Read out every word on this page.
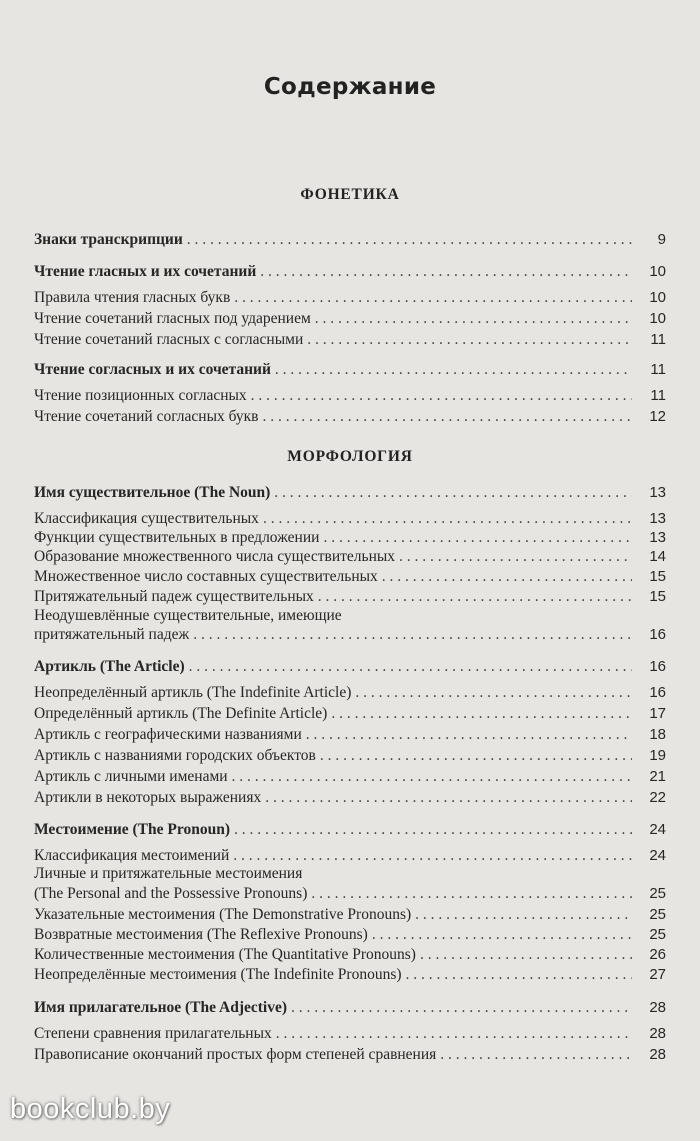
Содержание
ФОНЕТИКА
Знаки транскрипции . . .	9
Чтение гласных и их сочетаний . . .	10
Правила чтения гласных букв . . .	10
Чтение сочетаний гласных под ударением . . .	10
Чтение сочетаний гласных с согласными . . .	11
Чтение согласных и их сочетаний . . .	11
Чтение позиционных согласных . . .	11
Чтение сочетаний согласных букв . . .	12
МОРФОЛОГИЯ
Имя существительное (The Noun) . . .	13
Классификация существительных . . .	13
Функции существительных в предложении . . .	13
Образование множественного числа существительных . . .	14
Множественное число составных существительных . . .	15
Притяжательный падеж существительных . . .	15
Неодушевлённые существительные, имеющие
притяжательный падеж . . .	16
Артикль (The Article) . . .	16
Неопределённый артикль (The Indefinite Article) . . .	16
Определённый артикль (The Definite Article) . . .	17
Артикль с географическими названиями . . .	18
Артикль с названиями городских объектов . . .	19
Артикль с личными именами . . .	21
Артикли в некоторых выражениях . . .	22
Местоимение (The Pronoun) . . .	24
Классификация местоимений . . .	24
Личные и притяжательные местоимения
(The Personal and the Possessive Pronouns) . . .	25
Указательные местоимения (The Demonstrative Pronouns) . . .	25
Возвратные местоимения (The Reflexive Pronouns) . . .	25
Количественные местоимения (The Quantitative Pronouns) . . .	26
Неопределённые местоимения (The Indefinite Pronouns) . . .	27
Имя прилагательное (The Adjective) . . .	28
Степени сравнения прилагательных . . .	28
Правописание окончаний простых форм степеней сравнения . . .	28
bookclub.by
